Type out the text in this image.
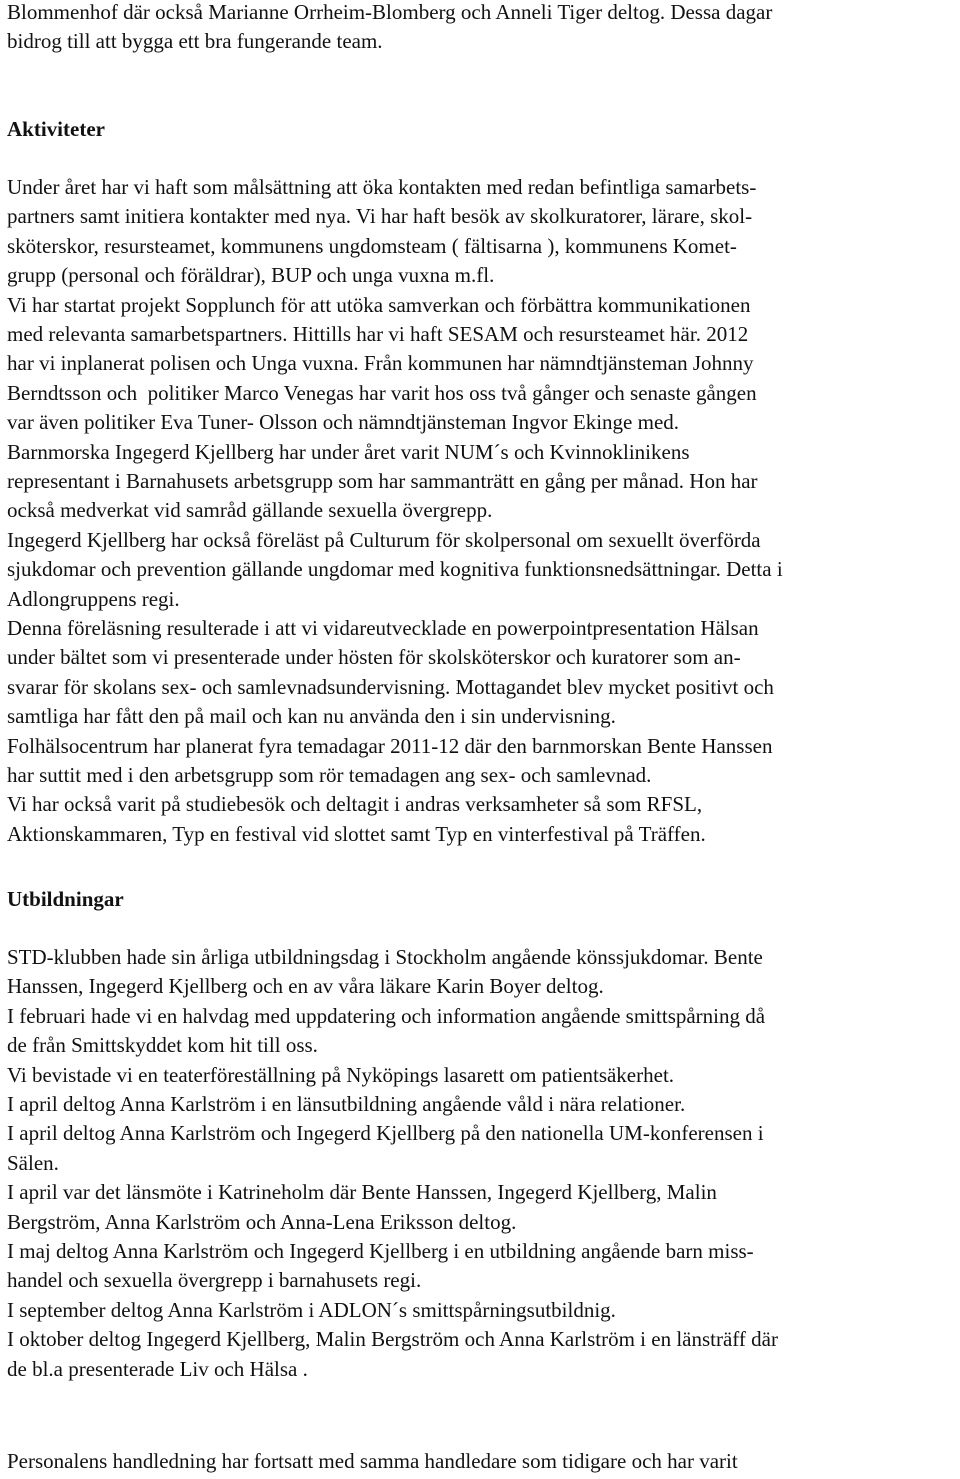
Blommenhof där också Marianne Orrheim-Blomberg och Anneli Tiger deltog. Dessa dagar
bidrog till att bygga ett bra fungerande team.
Aktiviteter
Under året har vi haft som målsättning att öka kontakten med redan befintliga samarbets-
partners samt initiera kontakter med nya. Vi har haft besök av skolkuratorer, lärare, skol-
sköterskor, resursteamet, kommunens ungdomsteam ( fältisarna ), kommunens Komet-
grupp (personal och föräldrar), BUP och unga vuxna m.fl.
Vi har startat projekt Sopplunch för att utöka samverkan och förbättra kommunikationen
med relevanta samarbetspartners. Hittills har vi haft SESAM och resursteamet här. 2012
har vi inplanerat polisen och Unga vuxna. Från kommunen har nämndtjänsteman Johnny
Berndtsson och  politiker Marco Venegas har varit hos oss två gånger och senaste gången
var även politiker Eva Tuner- Olsson och nämndtjänsteman Ingvor Ekinge med.
Barnmorska Ingegerd Kjellberg har under året varit NUM´s och Kvinnoklinikens
representant i Barnahusets arbetsgrupp som har sammanträtt en gång per månad. Hon har
också medverkat vid samråd gällande sexuella övergrepp.
Ingegerd Kjellberg har också föreläst på Culturum för skolpersonal om sexuellt överförda
sjukdomar och prevention gällande ungdomar med kognitiva funktionsnedsättningar. Detta i
Adlongruppens regi.
Denna föreläsning resulterade i att vi vidareutvecklade en powerpointpresentation Hälsan
under bältet som vi presenterade under hösten för skolsköterskor och kuratorer som an-
svarar för skolans sex- och samlevnadsundervisning. Mottagandet blev mycket positivt och
samtliga har fått den på mail och kan nu använda den i sin undervisning.
Folhälsocentrum har planerat fyra temadagar 2011-12 där den barnmorskan Bente Hanssen
har suttit med i den arbetsgrupp som rör temadagen ang sex- och samlevnad.
Vi har också varit på studiebesök och deltagit i andras verksamheter så som RFSL,
Aktionskammaren, Typ en festival vid slottet samt Typ en vinterfestival på Träffen.
Utbildningar
STD-klubben hade sin årliga utbildningsdag i Stockholm angående könssjukdomar. Bente
Hanssen, Ingegerd Kjellberg och en av våra läkare Karin Boyer deltog.
I februari hade vi en halvdag med uppdatering och information angående smittspårning då
de från Smittskyddet kom hit till oss.
Vi bevistade vi en teaterföreställning på Nyköpings lasarett om patientsäkerhet.
I april deltog Anna Karlström i en länsutbildning angående våld i nära relationer.
I april deltog Anna Karlström och Ingegerd Kjellberg på den nationella UM-konferensen i
Sälen.
I april var det länsmöte i Katrineholm där Bente Hanssen, Ingegerd Kjellberg, Malin
Bergström, Anna Karlström och Anna-Lena Eriksson deltog.
I maj deltog Anna Karlström och Ingegerd Kjellberg i en utbildning angående barn miss-
handel och sexuella övergrepp i barnahusets regi.
I september deltog Anna Karlström i ADLON´s smittspårningsutbildnig.
I oktober deltog Ingegerd Kjellberg, Malin Bergström och Anna Karlström i en länsträff där
de bl.a presenterade Liv och Hälsa .
Personalens handledning har fortsatt med samma handledare som tidigare och har varit
